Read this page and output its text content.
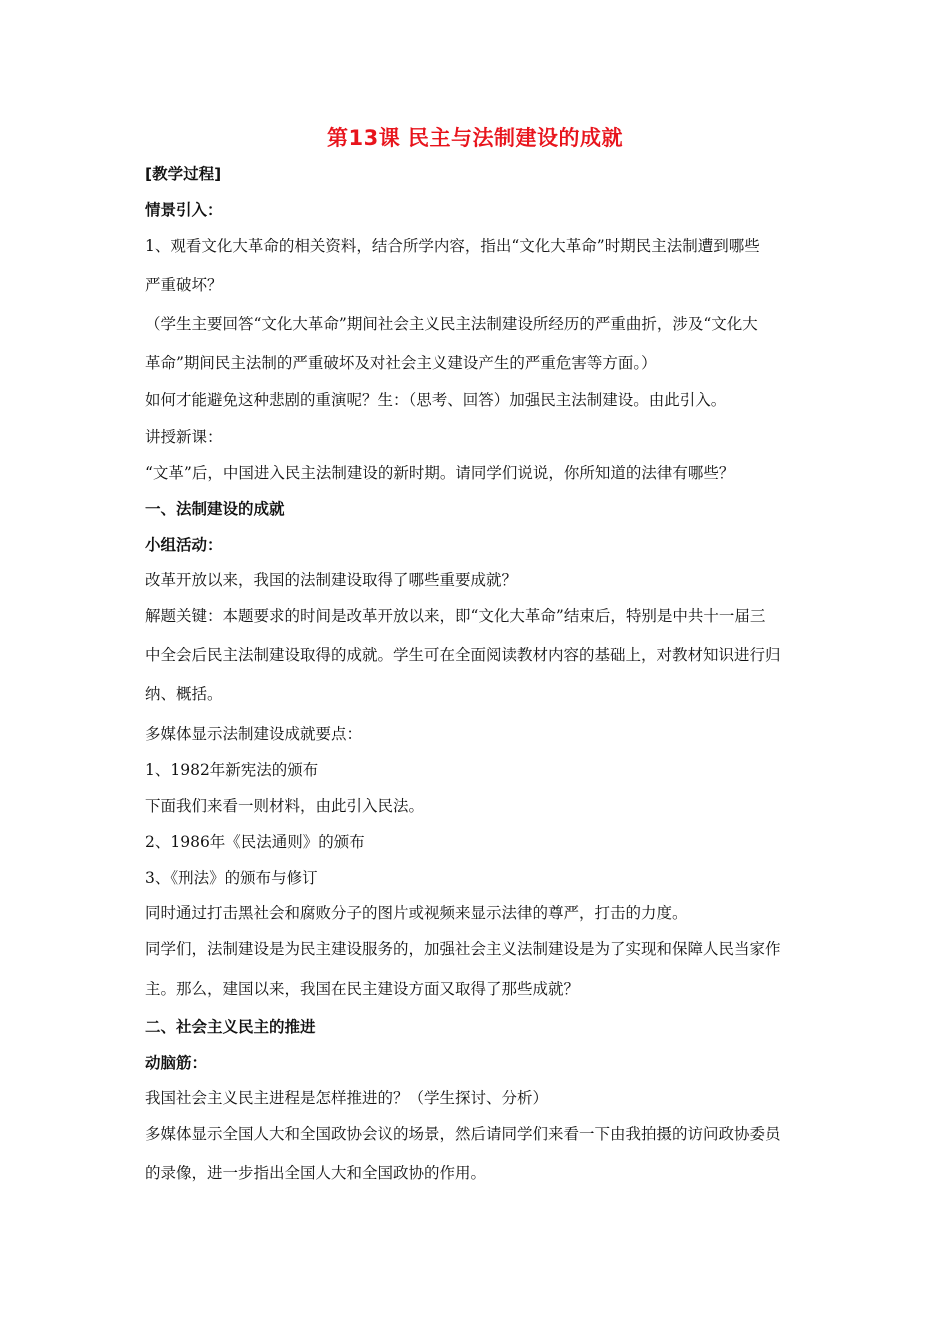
第13课 民主与法制建设的成就
[教学过程]
情景引入：
1、观看文化大革命的相关资料，结合所学内容，指出“文化大革命”时期民主法制遭到哪些
严重破坏？
（学生主要回答“文化大革命”期间社会主义民主法制建设所经历的严重曲折，涉及“文化大
革命”期间民主法制的严重破坏及对社会主义建设产生的严重危害等方面。）
如何才能避免这种悲剧的重演呢？生：（思考、回答）加强民主法制建设。由此引入。
讲授新课：
“文革”后，中国进入民主法制建设的新时期。请同学们说说，你所知道的法律有哪些？
一、法制建设的成就
小组活动：
改革开放以来，我国的法制建设取得了哪些重要成就？
解题关键：本题要求的时间是改革开放以来，即“文化大革命”结束后，特别是中共十一届三
中全会后民主法制建设取得的成就。学生可在全面阅读教材内容的基础上，对教材知识进行归
纳、概括。
多媒体显示法制建设成就要点：
1、1982年新宪法的颁布
下面我们来看一则材料，由此引入民法。
2、1986年《民法通则》的颁布
3、《刑法》的颁布与修订
同时通过打击黑社会和腐败分子的图片或视频来显示法律的尊严，打击的力度。
同学们，法制建设是为民主建设服务的，加强社会主义法制建设是为了实现和保障人民当家作
主。那么，建国以来，我国在民主建设方面又取得了那些成就？
二、社会主义民主的推进
动脑筋：
我国社会主义民主进程是怎样推进的？（学生探讨、分析）
多媒体显示全国人大和全国政协会议的场景，然后请同学们来看一下由我拍摄的访问政协委员
的录像，进一步指出全国人大和全国政协的作用。
